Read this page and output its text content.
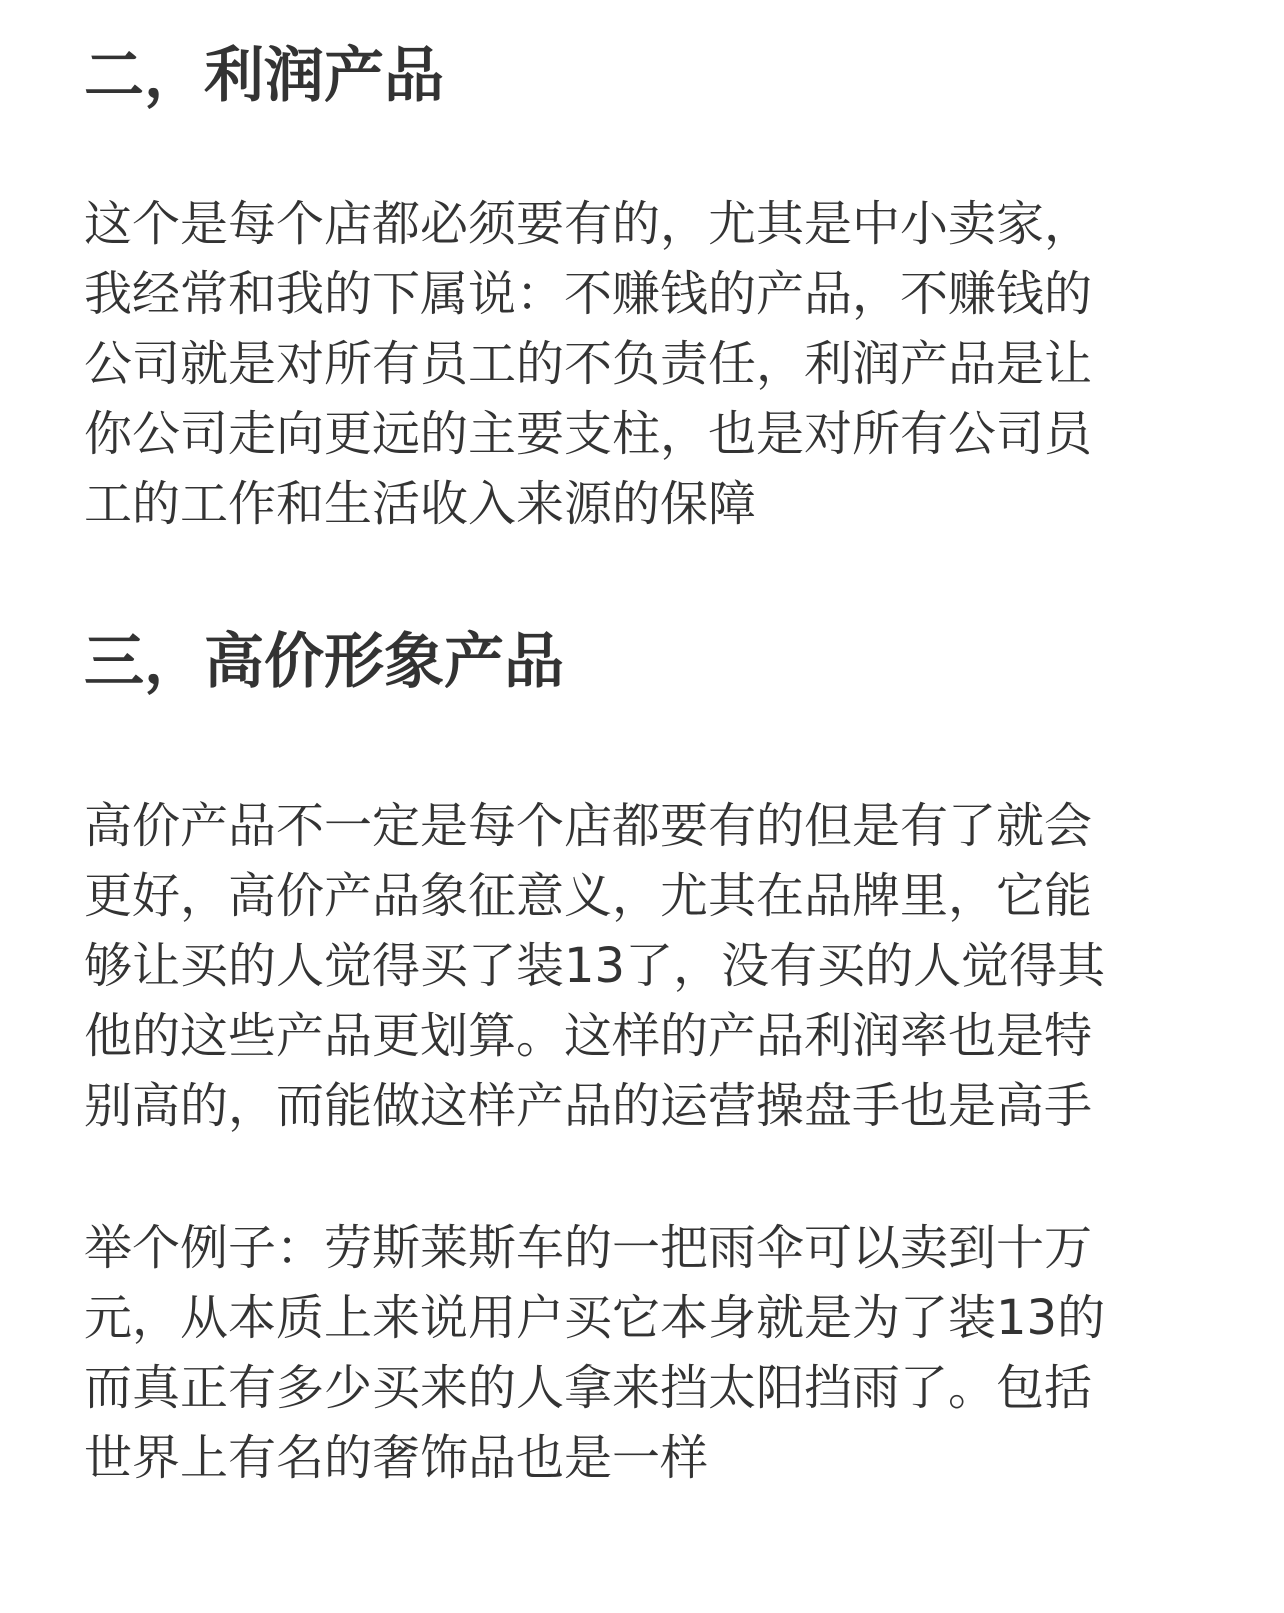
二，利润产品

这个是每个店都必须要有的，尤其是中小卖家，

我经常和我的下属说：不赚钱的产品，不赚钱的

公司就是对所有员工的不负责任，利润产品是让

你公司走向更远的主要支柱，也是对所有公司员

工的工作和生活收入来源的保障

三，高价形象产品

高价产品不一定是每个店都要有的但是有了就会

更好，高价产品象征意义，尤其在品牌里，它能

够让买的人觉得买了装13了，没有买的人觉得其

他的这些产品更划算。这样的产品利润率也是特

别高的，而能做这样产品的运营操盘手也是高手

举个例子：劳斯莱斯车的一把雨伞可以卖到十万

元，从本质上来说用户买它本身就是为了装13的

而真正有多少买来的人拿来挡太阳挡雨了。包括

世界上有名的奢饰品也是一样
